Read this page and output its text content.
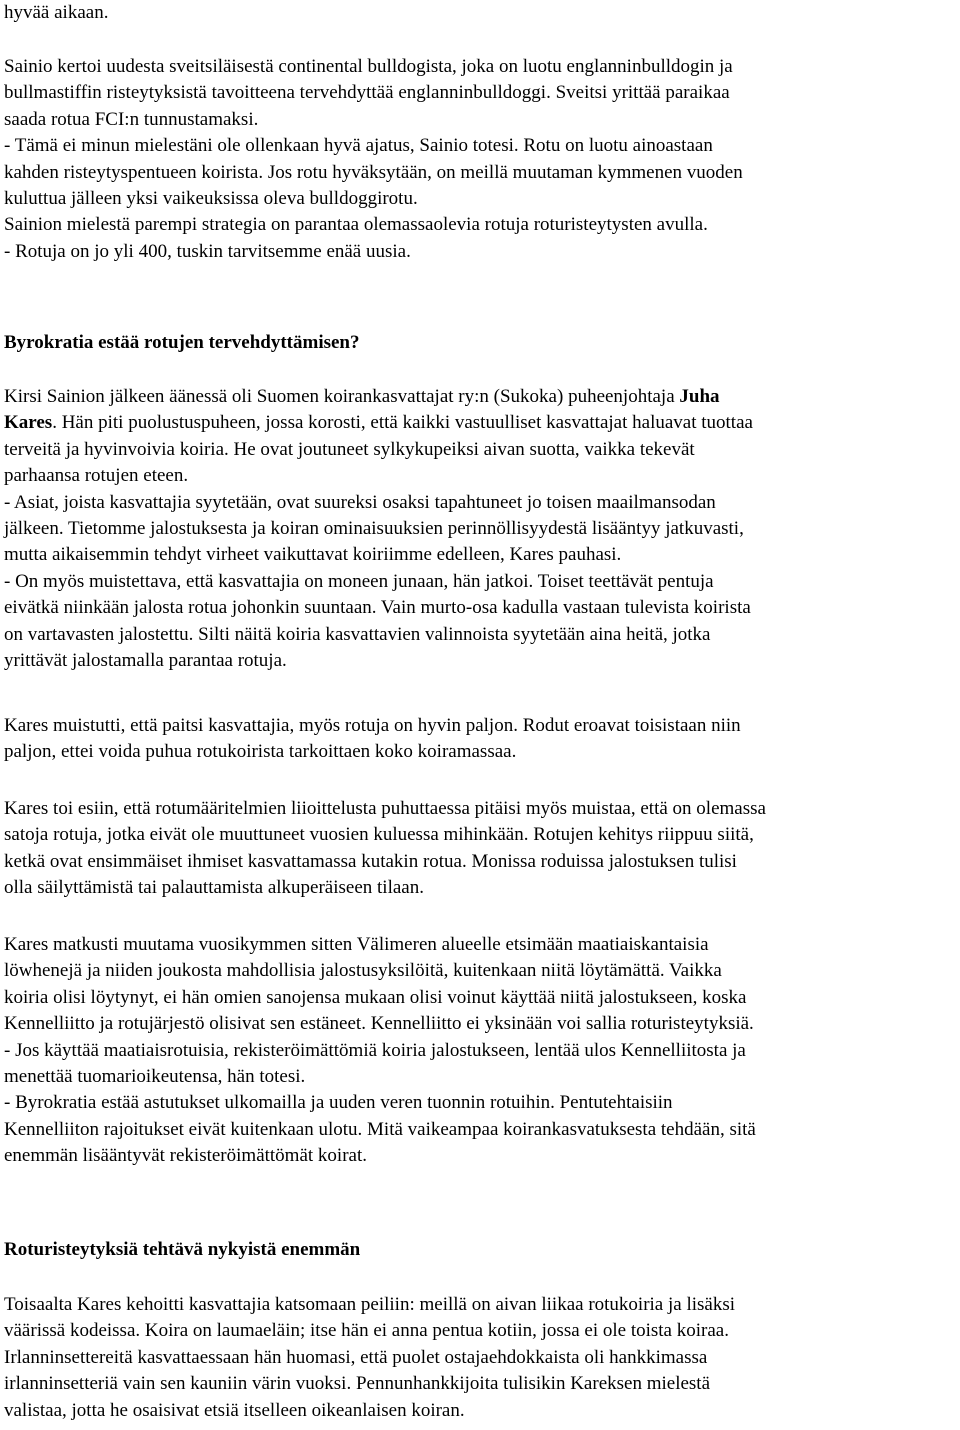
hyvää aikaan.
Sainio kertoi uudesta sveitsiläisestä continental bulldogista, joka on luotu englanninbulldogin ja
bullmastiffin risteytyksistä tavoitteena tervehdyttää englanninbulldoggi. Sveitsi yrittää paraikaa
saada rotua FCI:n tunnustamaksi.
- Tämä ei minun mielestäni ole ollenkaan hyvä ajatus, Sainio totesi. Rotu on luotu ainoastaan
kahden risteytyspentueen koirista. Jos rotu hyväksytään, on meillä muutaman kymmenen vuoden
kuluttua jälleen yksi vaikeuksissa oleva bulldoggirotu.
Sainion mielestä parempi strategia on parantaa olemassaolevia rotuja roturisteytysten avulla.
- Rotuja on jo yli 400, tuskin tarvitsemme enää uusia.
Byrokratia estää rotujen tervehdyttämisen?
Kirsi Sainion jälkeen äänessä oli Suomen koirankasvattajat ry:n (Sukoka) puheenjohtaja Juha
Kares. Hän piti puolustuspuheen, jossa korosti, että kaikki vastuulliset kasvattajat haluavat tuottaa
terveitä ja hyvinvoivia koiria. He ovat joutuneet sylkykupeiksi aivan suotta, vaikka tekevät
parhaansa rotujen eteen.
- Asiat, joista kasvattajia syytetään, ovat suureksi osaksi tapahtuneet jo toisen maailmansodan
jälkeen. Tietomme jalostuksesta ja koiran ominaisuuksien perinnöllisyydestä lisääntyy jatkuvasti,
mutta aikaisemmin tehdyt virheet vaikuttavat koiriimme edelleen, Kares pauhasi.
- On myös muistettava, että kasvattajia on moneen junaan, hän jatkoi. Toiset teettävät pentuja
eivätkä niinkään jalosta rotua johonkin suuntaan. Vain murto-osa kadulla vastaan tulevista koirista
on vartavasten jalostettu. Silti näitä koiria kasvattavien valinnoista syytetään aina heitä, jotka
yrittävät jalostamalla parantaa rotuja.
Kares muistutti, että paitsi kasvattajia, myös rotuja on hyvin paljon. Rodut eroavat toisistaan niin
paljon, ettei voida puhua rotukoirista tarkoittaen koko koiramassaa.
Kares toi esiin, että rotumääritelmien liioittelusta puhuttaessa pitäisi myös muistaa, että on olemassa
satoja rotuja, jotka eivät ole muuttuneet vuosien kuluessa mihinkään. Rotujen kehitys riippuu siitä,
ketkä ovat ensimmäiset ihmiset kasvattamassa kutakin rotua. Monissa roduissa jalostuksen tulisi
olla säilyttämistä tai palauttamista alkuperäiseen tilaan.
Kares matkusti muutama vuosikymmen sitten Välimeren alueelle etsimään maatiaiskantaisia
löwhenejä ja niiden joukosta mahdollisia jalostusyksilöitä, kuitenkaan niitä löytämättä. Vaikka
koiria olisi löytynyt, ei hän omien sanojensa mukaan olisi voinut käyttää niitä jalostukseen, koska
Kennelliitto ja rotujärjestö olisivat sen estäneet. Kennelliitto ei yksinään voi sallia roturisteytyksiä.
- Jos käyttää maatiaisrotuisia, rekisteröimättömiä koiria jalostukseen, lentää ulos Kennelliitosta ja
menettää tuomarioikeutensa, hän totesi.
- Byrokratia estää astutukset ulkomailla ja uuden veren tuonnin rotuihin. Pentutehtaisiin
Kennelliiton rajoitukset eivät kuitenkaan ulotu. Mitä vaikeampaa koirankasvatuksesta tehdään, sitä
enemmän lisääntyvät rekisteröimättömät koirat.
Roturisteytyksiä tehtävä nykyistä enemmän
Toisaalta Kares kehoitti kasvattajia katsomaan peiliin: meillä on aivan liikaa rotukoiria ja lisäksi
väärissä kodeissa. Koira on laumaeläin; itse hän ei anna pentua kotiin, jossa ei ole toista koiraa.
Irlanninsettereitä kasvattaessaan hän huomasi, että puolet ostajaehdokkaista oli hankkimassa
irlanninsetteriä vain sen kauniin värin vuoksi. Pennunhankkijoita tulisikin Kareksen mielestä
valistaa, jotta he osaisivat etsiä itselleen oikeanlaisen koiran.
